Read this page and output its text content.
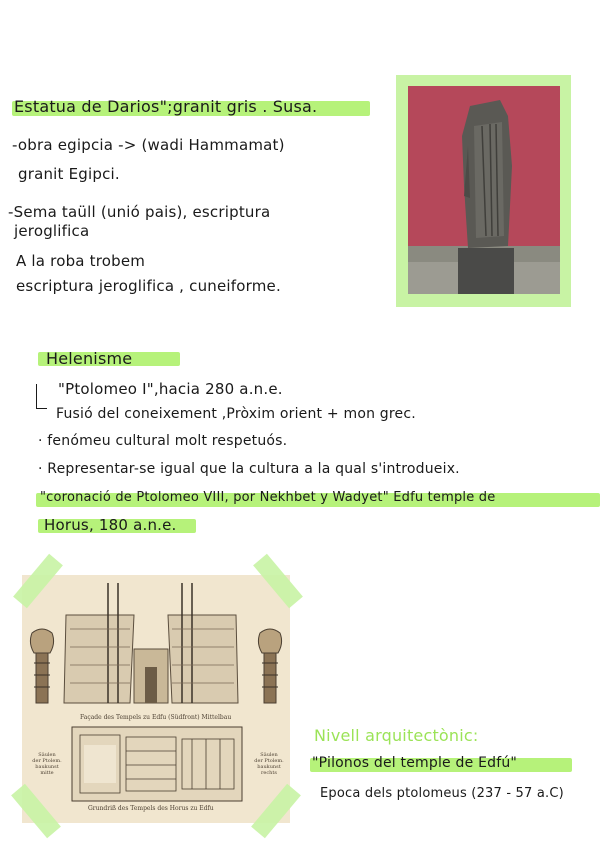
Estatua de Darios";granit gris . Susa.
-obra egipcia -> (wadi Hammamat)
granit Egipci.
-Sema taüll (unió pais), escriptura
jeroglifica
A la roba trobem
escriptura jeroglifica , cuneiforme.
Helenisme
"Ptolomeo I",hacia 280 a.n.e.
Fusió del coneixement ,Pròxim orient + mon grec.
· fenómeu cultural molt respetuós.
· Representar-se igual que la cultura a la qual s'introdueix.
"coronació de Ptolomeo VIII, por Nekhbet y Wadyet" Edfu temple de
Horus, 180 a.n.e.
Façade des Tempels zu Edfu (Südfront) Mittelbau
Grundriß des Tempels des Horus zu Edfu
Säulen
der Ptolem.
baukunst
mitte
Säulen
der Ptolem.
baukunst
rechts
Nivell arquitectònic:
"Pilonos del temple de Edfú"
Epoca dels ptolomeus (237 - 57 a.C)
